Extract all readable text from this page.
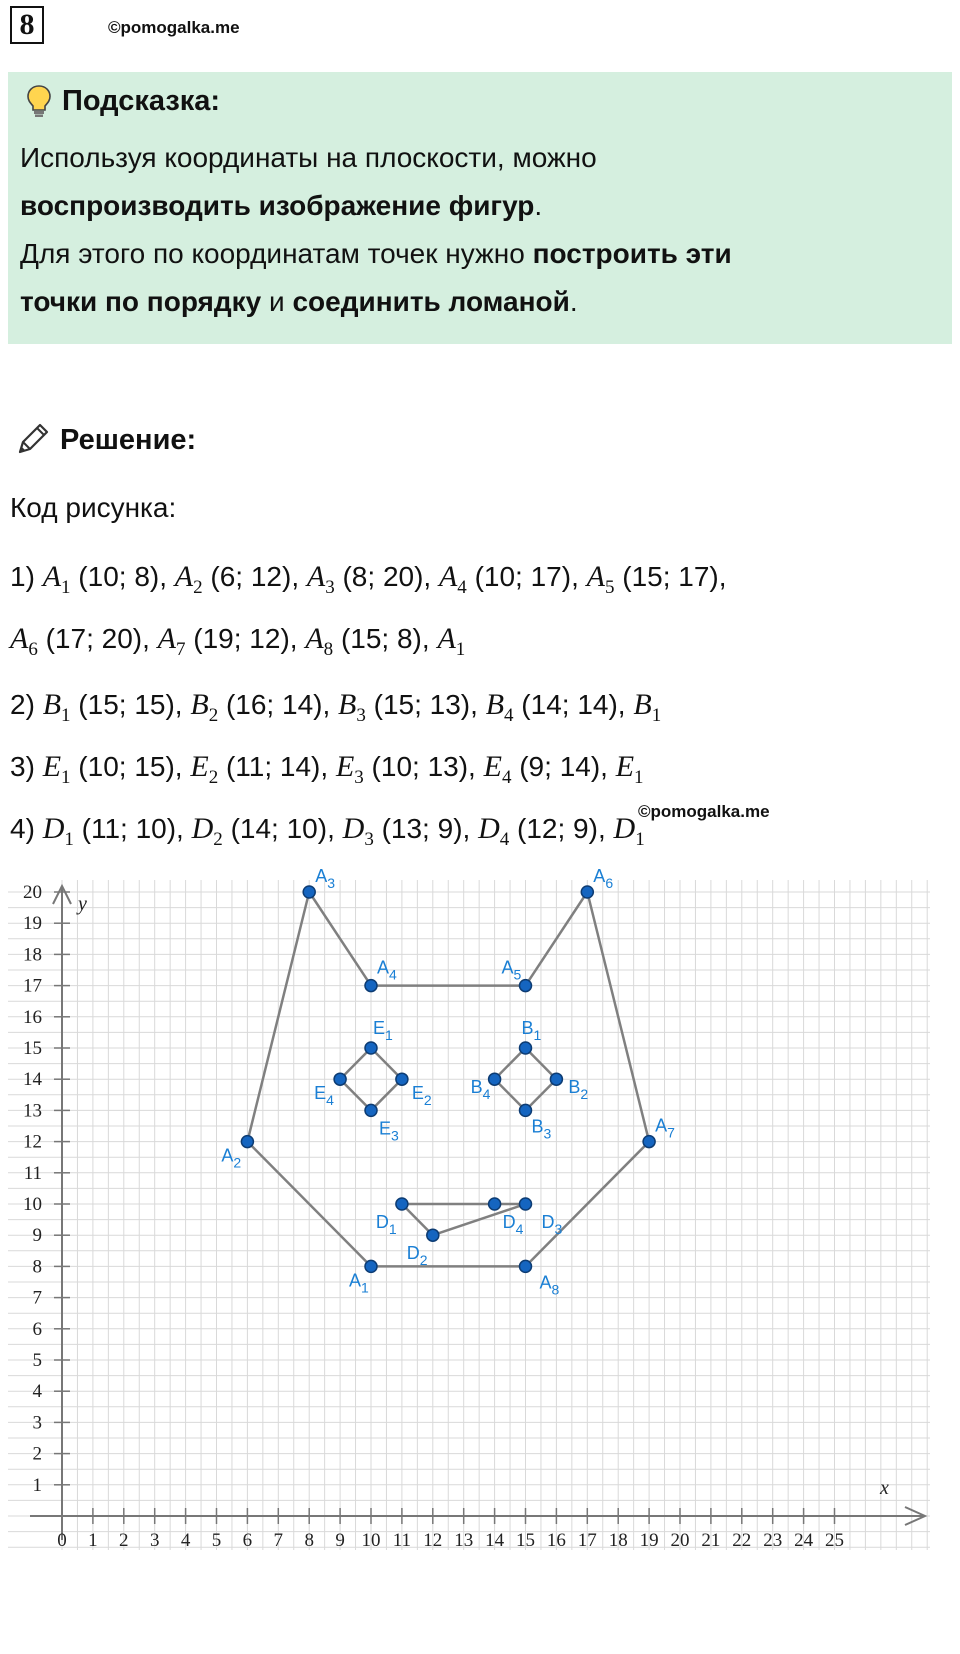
8	©pomogalka.me
Подсказка:
Используя координаты на плоскости, можно
воспроизводить изображение фигур.
Для этого по координатам точек нужно построить эти
точки по порядку и соединить ломаной.
Решение:
Код рисунка:
1) $A_1$ (10; 8), $A_2$ (6; 12), $A_3$ (8; 20), $A_4$ (10; 17), $A_5$ (15; 17),
$A_6$ (17; 20), $A_7$ (19; 12), $A_8$ (15; 8), $A_1$
2) $B_1$ (15; 15), $B_2$ (16; 14), $B_3$ (15; 13), $B_4$ (14; 14), $B_1$
3) $E_1$ (10; 15), $E_2$ (11; 14), $E_3$ (10; 13), $E_4$ (9; 14), $E_1$
4) $D_1$ (11; 10), $D_2$ (14; 10), $D_3$ (13; 9), $D_4$ (12; 9), $D_1$
©pomogalka.me
0 1 2 3 4 5 6 7 8 9 10 11 12 13 14 15 16 17 18 19 20 21 22 23 24 25
1
2
3
4
5
6
7
8
9
10
11
12
13
14
15
16
17
18
19
20
x
y
$A_1$
$A_2$
$A_3$
$A_4$	$A_5$
$A_6$
$A_7$
$A_8$
$B_1$
$B_2$
$B_3$
$B_4$
$E_1$
$E_2$
$E_3$
$E_4$
$D_1$
$D_2$
$D_3$
$D_4$
